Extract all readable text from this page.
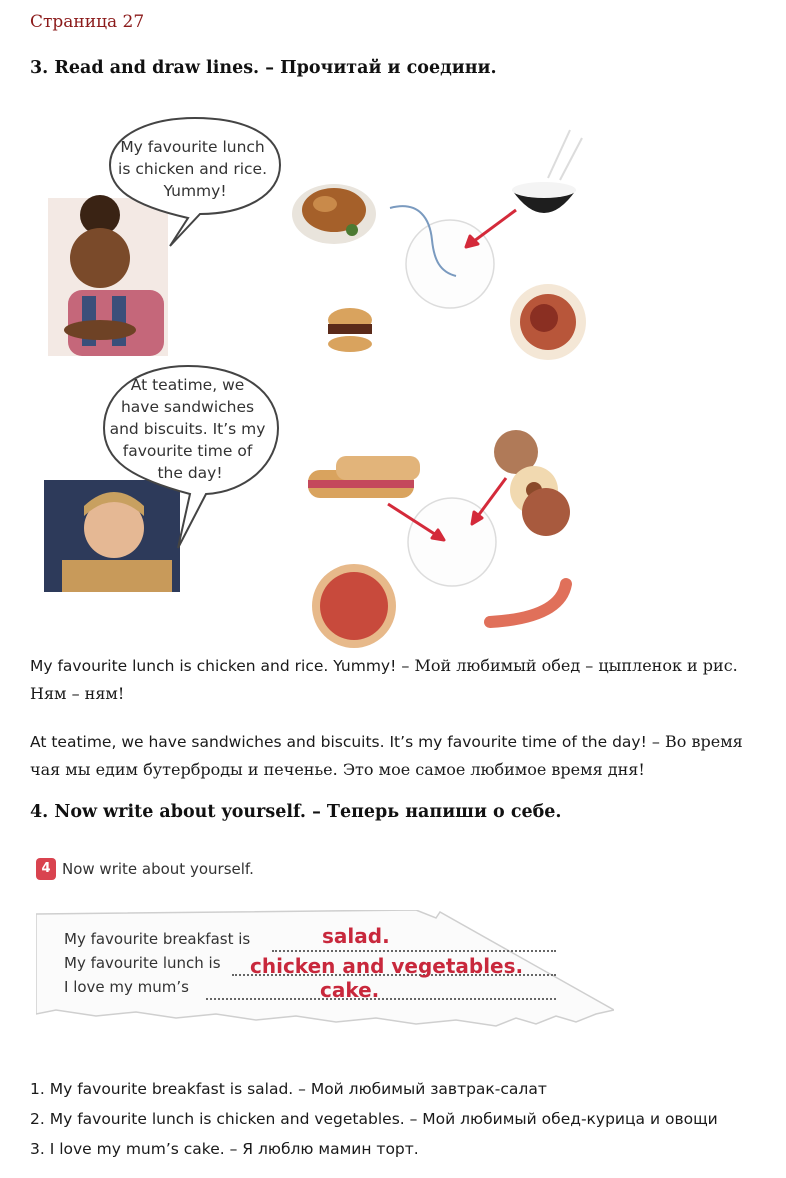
Страница 27
3. Read and draw lines. – Прочитай и соедини.
My favourite lunch is chicken and rice. Yummy!
At teatime, we have sandwiches and biscuits. It’s my favourite time of the day!
My favourite lunch is chicken and rice. Yummy! – Мой любимый обед – цыпленок и рис. Ням – ням!
At teatime, we have sandwiches and biscuits. It’s my favourite time of the day! – Во время чая мы едим бутерброды и печенье. Это мое самое любимое время дня!
4. Now write about yourself. – Теперь напиши о себе.
4 Now write about yourself.
My favourite breakfast is	salad.
My favourite lunch is chicken and vegetables.
I love my mum’s	cake.
1. My favourite breakfast is salad. – Мой любимый завтрак-салат
2. My favourite lunch is chicken and vegetables. – Мой любимый обед-курица и овощи
3. I love my mum’s cake. – Я люблю мамин торт.
